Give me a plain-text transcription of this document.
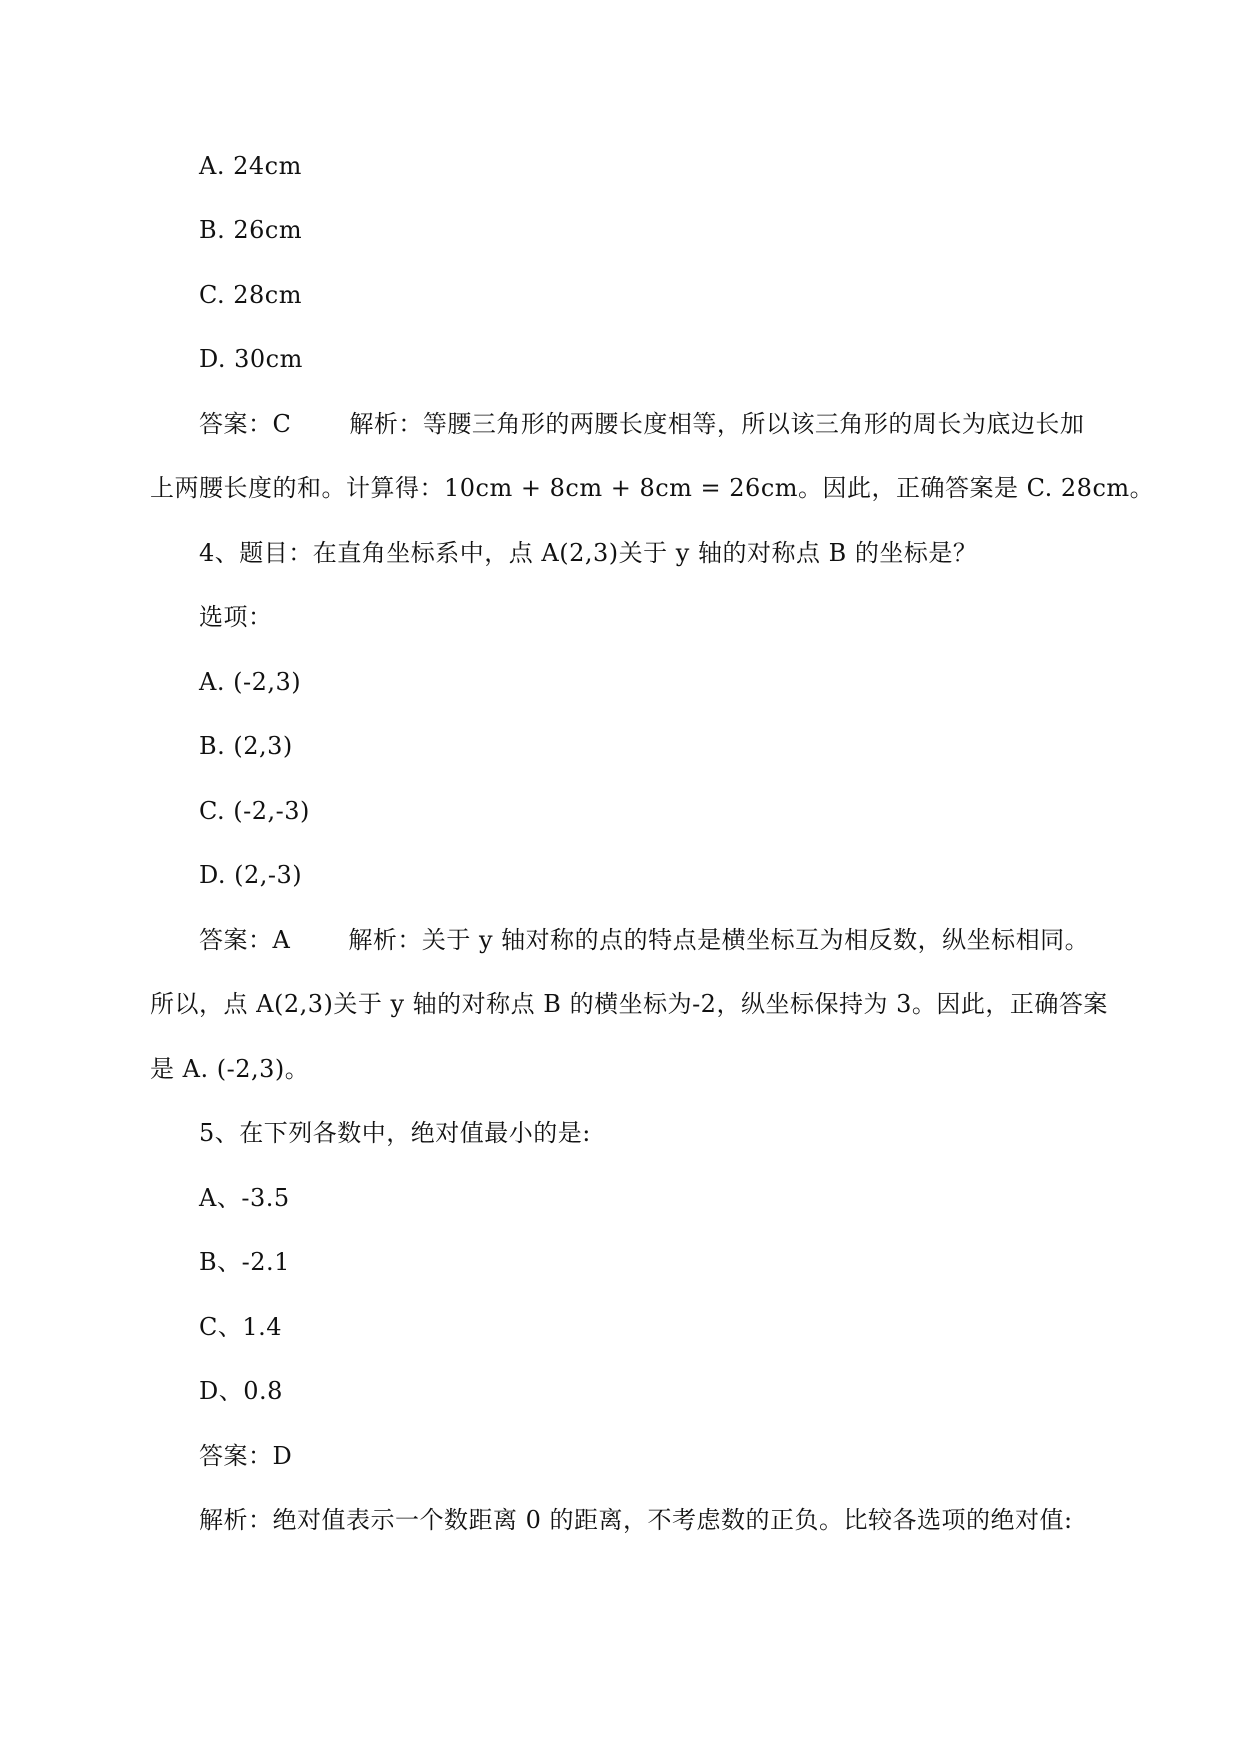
A. 24cm
B. 26cm
C. 28cm
D. 30cm
答案：C 解析：等腰三角形的两腰长度相等，所以该三角形的周长为底边长加
上两腰长度的和。计算得：10cm + 8cm + 8cm = 26cm。因此，正确答案是 C. 28cm。
4、题目：在直角坐标系中，点 A(2,3)关于 y 轴的对称点 B 的坐标是？
选项：
A. (-2,3)
B. (2,3)
C. (-2,-3)
D. (2,-3)
答案：A 解析：关于 y 轴对称的点的特点是横坐标互为相反数，纵坐标相同。
所以，点 A(2,3)关于 y 轴的对称点 B 的横坐标为-2，纵坐标保持为 3。因此，正确答案
是 A. (-2,3)。
5、在下列各数中，绝对值最小的是:
A、-3.5
B、-2.1
C、1.4
D、0.8
答案：D
解析：绝对值表示一个数距离 0 的距离，不考虑数的正负。比较各选项的绝对值:
